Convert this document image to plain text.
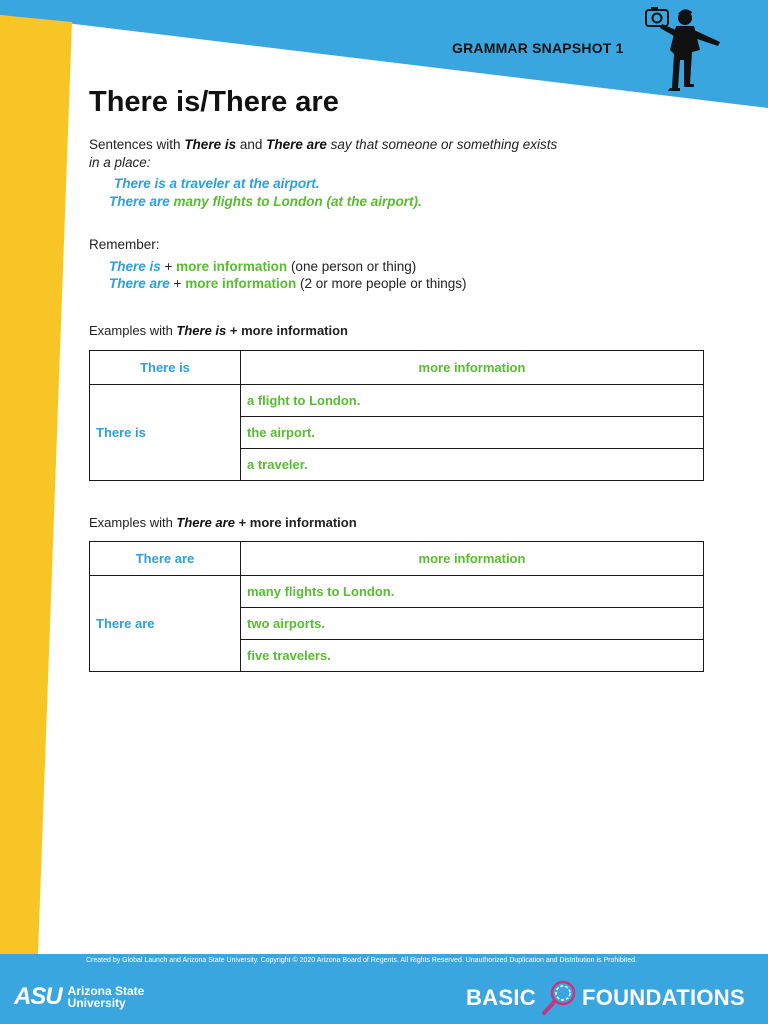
GRAMMAR SNAPSHOT 1
There is/There are
Sentences with There is and There are say that someone or something exists
in a place:
There is a traveler at the airport.
There are many flights to London (at the airport).
Remember:
There is + more information (one person or thing)
There are + more information (2 or more people or things)
Examples with There is + more information
There is	more information
There is	a flight to London.
	the airport.
	a traveler.
Examples with There are + more information
There are	more information
There are	many flights to London.
	two airports.
	five travelers.
Created by Global Launch and Arizona State University. Copyright © 2020 Arizona Board of Regents. All Rights Reserved. Unauthorized Duplication and Distribution is Prohibited.
ASU Arizona State
University	BASIC FOUNDATIONS
